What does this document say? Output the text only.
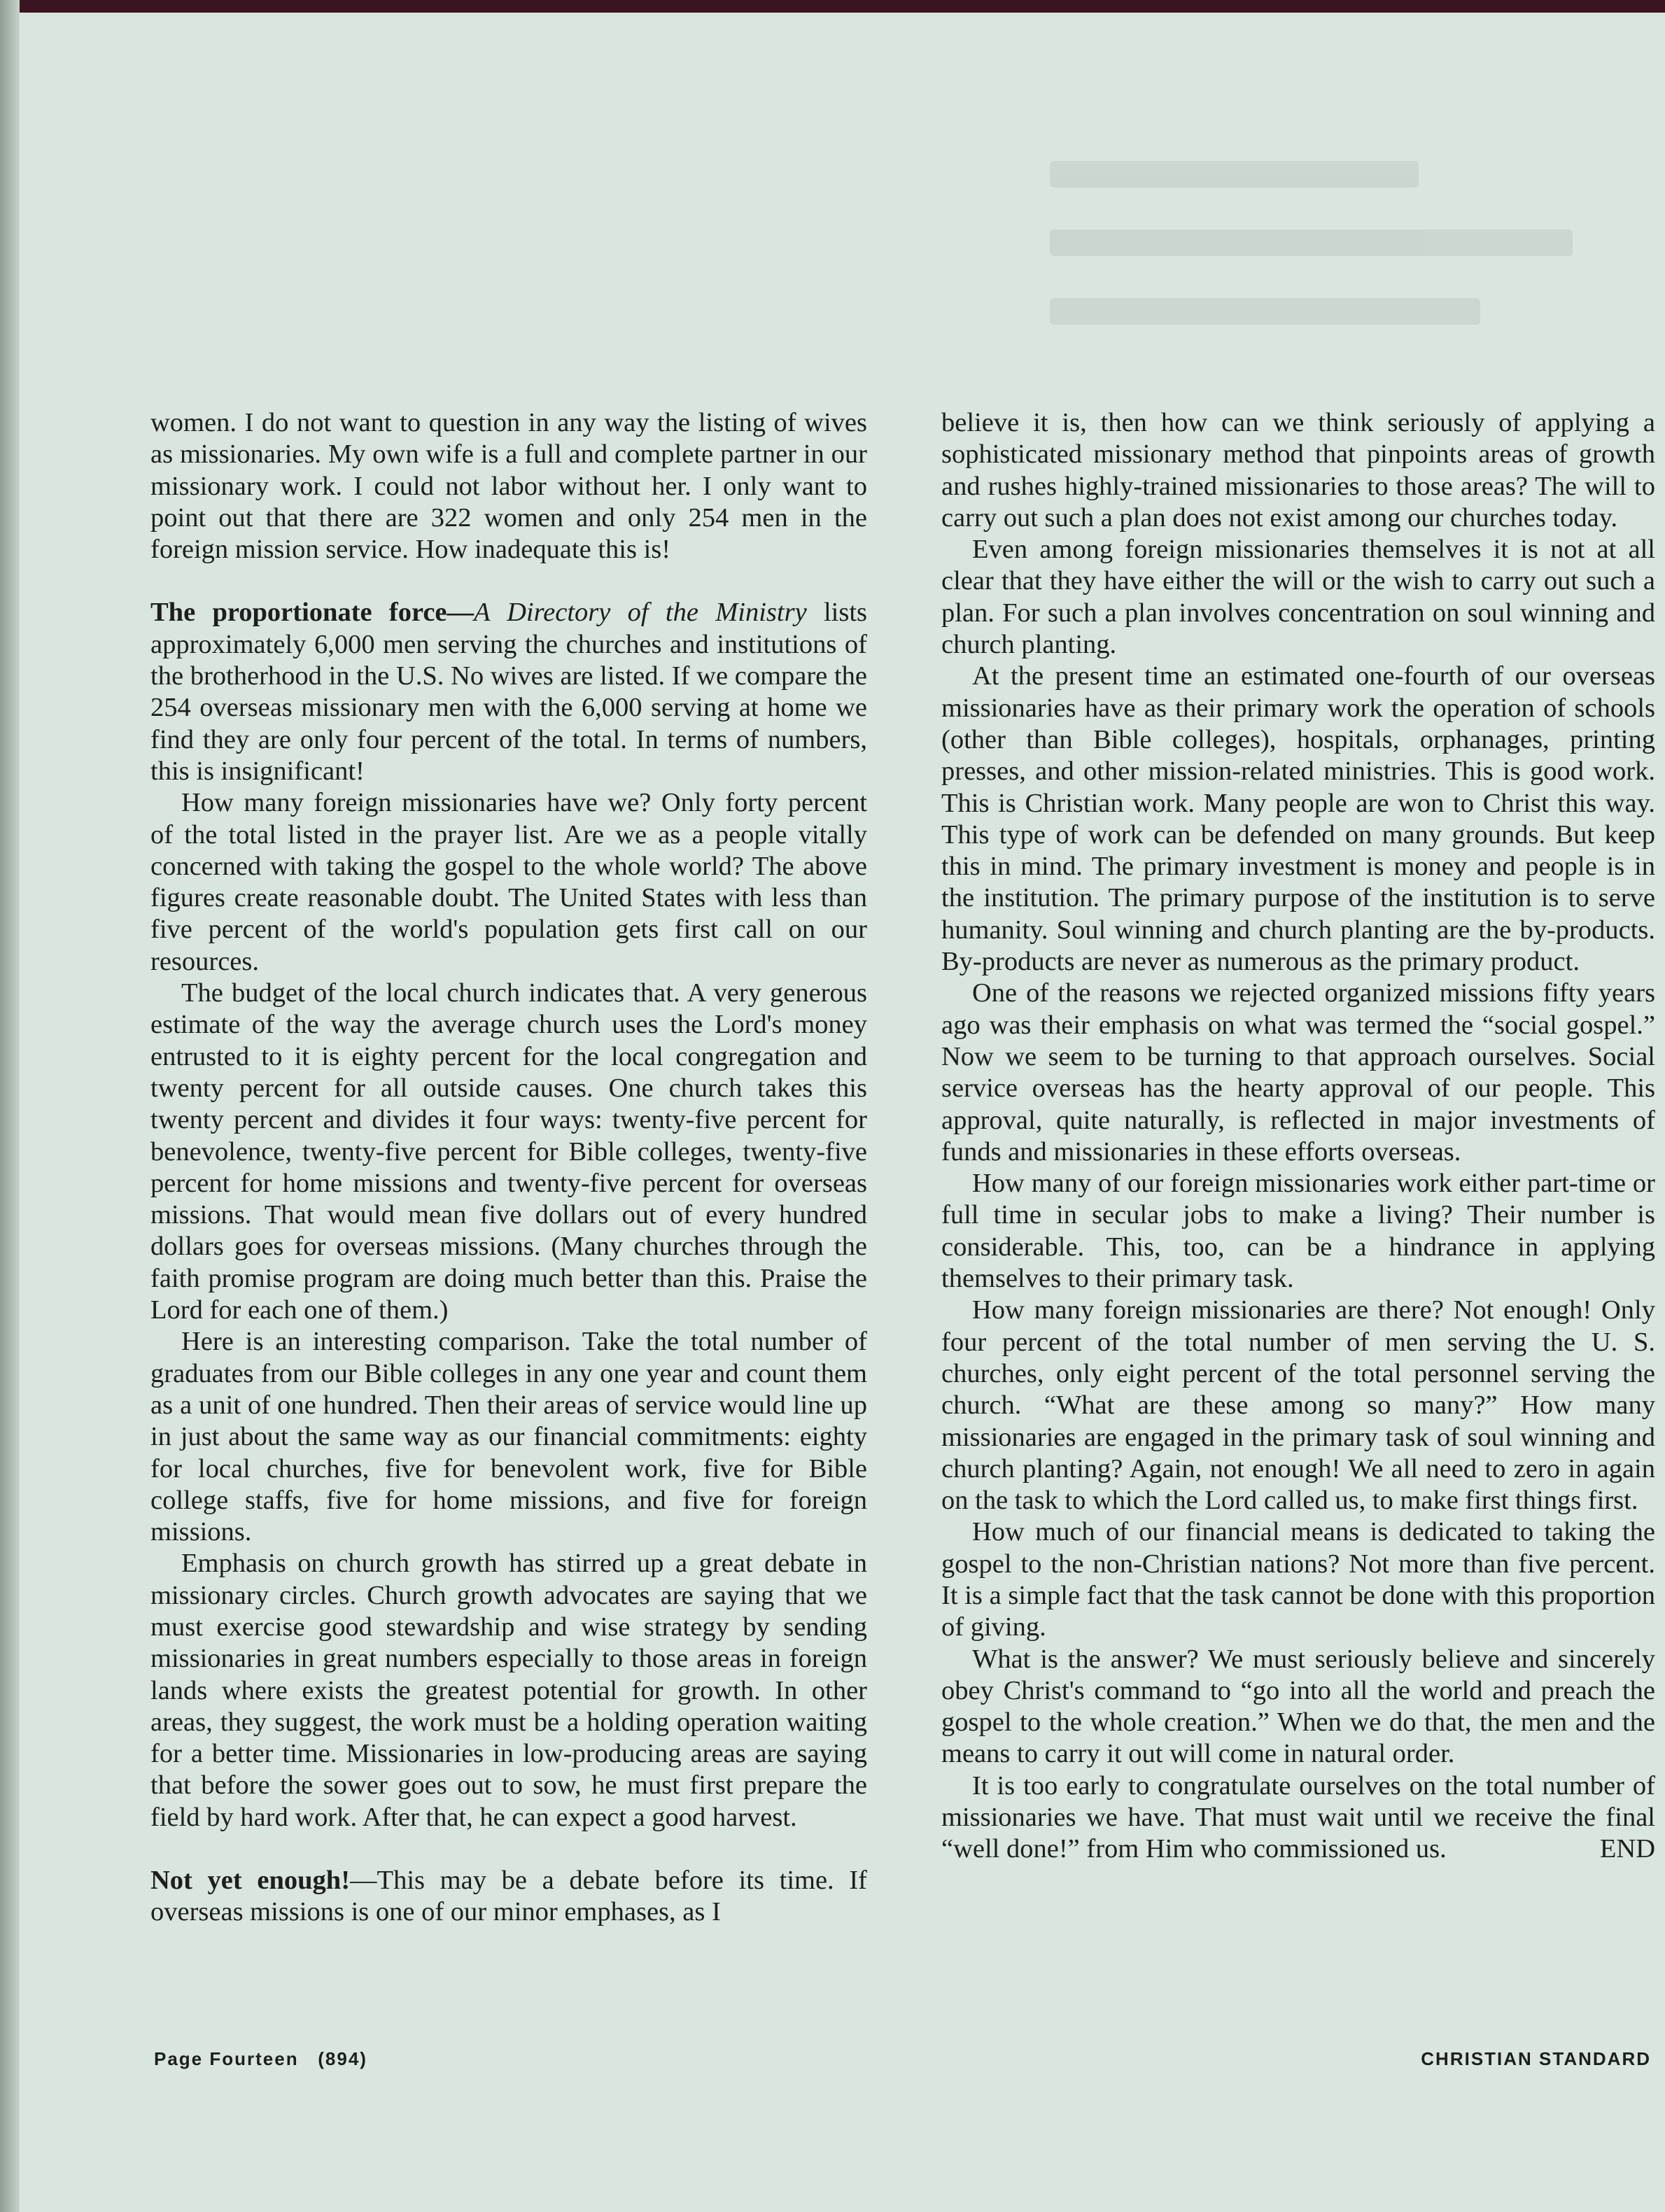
women. I do not want to question in any way the listing of wives as missionaries. My own wife is a full and complete partner in our missionary work. I could not labor without her. I only want to point out that there are 322 women and only 254 men in the foreign mission service. How inadequate this is!

The proportionate force—A Directory of the Ministry lists approximately 6,000 men serving the churches and institutions of the brotherhood in the U.S. No wives are listed. If we compare the 254 overseas missionary men with the 6,000 serving at home we find they are only four percent of the total. In terms of numbers, this is insignificant!

How many foreign missionaries have we? Only forty percent of the total listed in the prayer list. Are we as a people vitally concerned with taking the gospel to the whole world? The above figures create reasonable doubt. The United States with less than five percent of the world's population gets first call on our resources.

The budget of the local church indicates that. A very generous estimate of the way the average church uses the Lord's money entrusted to it is eighty percent for the local congregation and twenty percent for all outside causes. One church takes this twenty percent and divides it four ways: twenty-five percent for benevolence, twenty-five percent for Bible colleges, twenty-five percent for home missions and twenty-five percent for overseas missions. That would mean five dollars out of every hundred dollars goes for overseas missions. (Many churches through the faith promise program are doing much better than this. Praise the Lord for each one of them.)

Here is an interesting comparison. Take the total number of graduates from our Bible colleges in any one year and count them as a unit of one hundred. Then their areas of service would line up in just about the same way as our financial commitments: eighty for local churches, five for benevolent work, five for Bible college staffs, five for home missions, and five for foreign missions.

Emphasis on church growth has stirred up a great debate in missionary circles. Church growth advocates are saying that we must exercise good stewardship and wise strategy by sending missionaries in great numbers especially to those areas in foreign lands where exists the greatest potential for growth. In other areas, they suggest, the work must be a holding operation waiting for a better time. Missionaries in low-producing areas are saying that before the sower goes out to sow, he must first prepare the field by hard work. After that, he can expect a good harvest.

Not yet enough!—This may be a debate before its time. If overseas missions is one of our minor emphases, as I

believe it is, then how can we think seriously of applying a sophisticated missionary method that pinpoints areas of growth and rushes highly-trained missionaries to those areas? The will to carry out such a plan does not exist among our churches today.

Even among foreign missionaries themselves it is not at all clear that they have either the will or the wish to carry out such a plan. For such a plan involves concentration on soul winning and church planting.

At the present time an estimated one-fourth of our overseas missionaries have as their primary work the operation of schools (other than Bible colleges), hospitals, orphanages, printing presses, and other mission-related ministries. This is good work. This is Christian work. Many people are won to Christ this way. This type of work can be defended on many grounds. But keep this in mind. The primary investment is money and people is in the institution. The primary purpose of the institution is to serve humanity. Soul winning and church planting are the by-products. By-products are never as numerous as the primary product.

One of the reasons we rejected organized missions fifty years ago was their emphasis on what was termed the “social gospel.” Now we seem to be turning to that approach ourselves. Social service overseas has the hearty approval of our people. This approval, quite naturally, is reflected in major investments of funds and missionaries in these efforts overseas.

How many of our foreign missionaries work either part-time or full time in secular jobs to make a living? Their number is considerable. This, too, can be a hindrance in applying themselves to their primary task.

How many foreign missionaries are there? Not enough! Only four percent of the total number of men serving the U. S. churches, only eight percent of the total personnel serving the church. “What are these among so many?” How many missionaries are engaged in the primary task of soul winning and church planting? Again, not enough! We all need to zero in again on the task to which the Lord called us, to make first things first.

How much of our financial means is dedicated to taking the gospel to the non-Christian nations? Not more than five percent. It is a simple fact that the task cannot be done with this proportion of giving.

What is the answer? We must seriously believe and sincerely obey Christ's command to “go into all the world and preach the gospel to the whole creation.” When we do that, the men and the means to carry it out will come in natural order.

It is too early to congratulate ourselves on the total number of missionaries we have. That must wait until we receive the final “well done!” from Him who commissioned us.	END

Page Fourteen   (894)	CHRISTIAN STANDARD
